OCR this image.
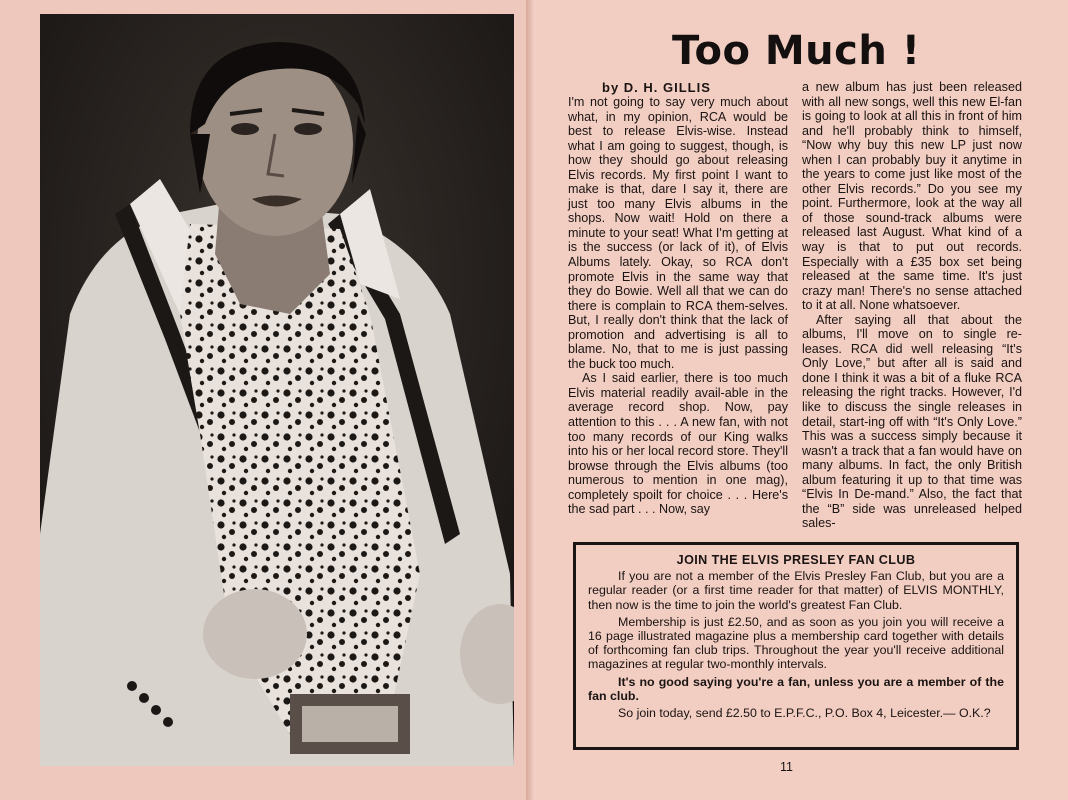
Too Much !
by D. H. GILLIS

I'm not going to say very much about what, in my opinion, RCA would be best to release Elvis-wise. Instead what I am going to suggest, though, is how they should go about releasing Elvis records. My first point I want to make is that, dare I say it, there are just too many Elvis albums in the shops. Now wait! Hold on there a minute to your seat! What I'm getting at is the success (or lack of it), of Elvis Albums lately. Okay, so RCA don't promote Elvis in the same way that they do Bowie. Well all that we can do there is complain to RCA them-selves. But, I really don't think that the lack of promotion and advertising is all to blame. No, that to me is just passing the buck too much.

As I said earlier, there is too much Elvis material readily avail-able in the average record shop. Now, pay attention to this . . . A new fan, with not too many records of our King walks into his or her local record store. They'll browse through the Elvis albums (too numerous to mention in one mag), completely spoilt for choice . . . Here's the sad part . . . Now, say

a new album has just been released with all new songs, well this new El-fan is going to look at all this in front of him and he'll probably think to himself, “Now why buy this new LP just now when I can probably buy it anytime in the years to come just like most of the other Elvis records.” Do you see my point. Furthermore, look at the way all of those sound-track albums were released last August. What kind of a way is that to put out records. Especially with a £35 box set being released at the same time. It's just crazy man! There's no sense attached to it at all. None whatsoever.

After saying all that about the albums, I'll move on to single re-leases. RCA did well releasing “It's Only Love,” but after all is said and done I think it was a bit of a fluke RCA releasing the right tracks. However, I'd like to discuss the single releases in detail, start-ing off with “It's Only Love.” This was a success simply because it wasn't a track that a fan would have on many albums. In fact, the only British album featuring it up to that time was “Elvis In De-mand.” Also, the fact that the “B” side was unreleased helped sales-

JOIN THE ELVIS PRESLEY FAN CLUB

If you are not a member of the Elvis Presley Fan Club, but you are a regular reader (or a first time reader for that matter) of ELVIS MONTHLY, then now is the time to join the world's greatest Fan Club.

Membership is just £2.50, and as soon as you join you will receive a 16 page illustrated magazine plus a membership card together with details of forthcoming fan club trips. Throughout the year you'll receive additional magazines at regular two-monthly intervals.

It's no good saying you're a fan, unless you are a member of the fan club.

So join today, send £2.50 to E.P.F.C., P.O. Box 4, Leicester.— O.K.?

11
